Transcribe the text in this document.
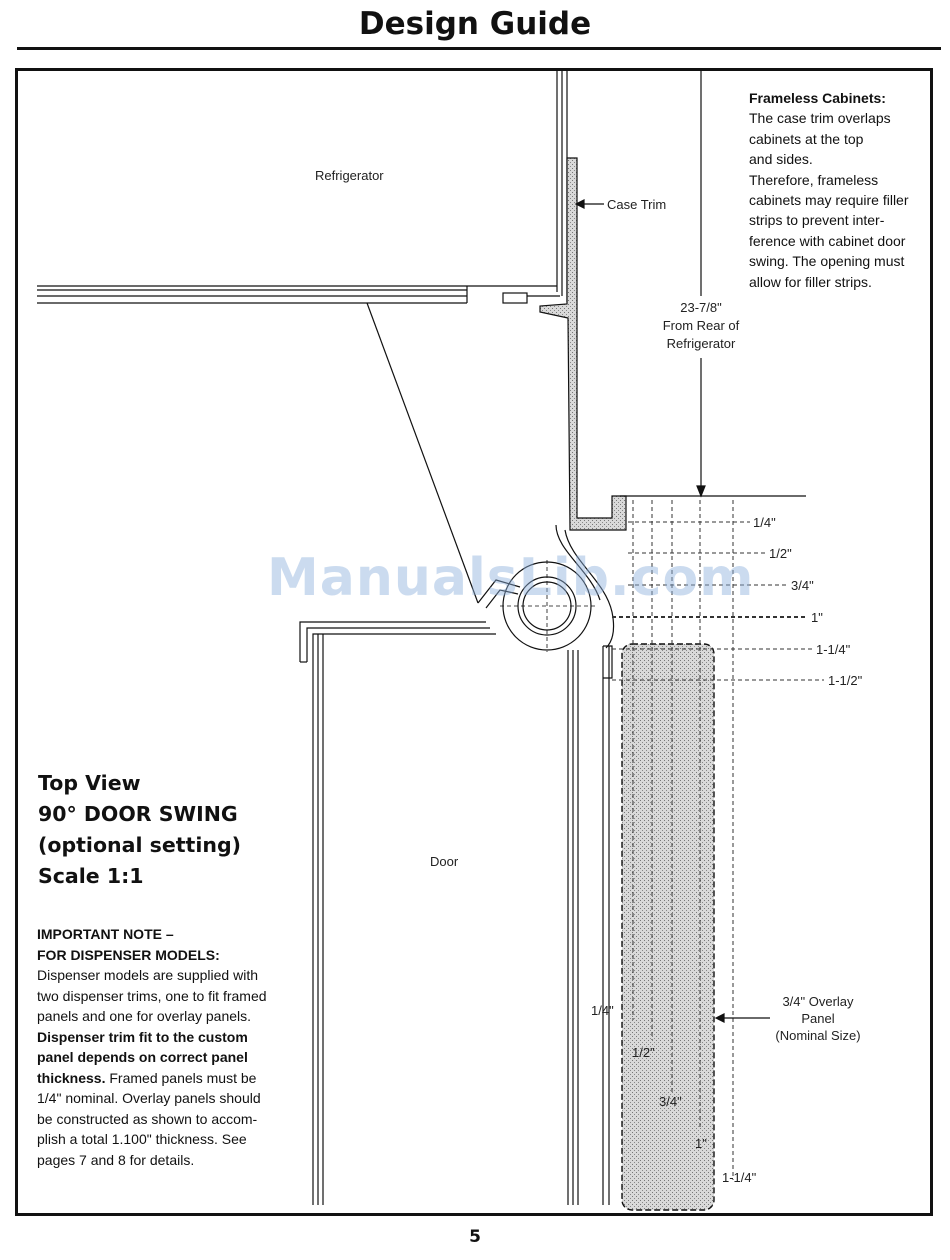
Design Guide
Refrigerator
Case Trim
Door
23-7/8"
From Rear of
Refrigerator
1/4"
1/2"
3/4"
1"
1-1/4"
1-1/2"
1/4"
1/2"
3/4"
1"
1-1/4"
3/4" Overlay
Panel
(Nominal Size)
Frameless Cabinets:
The case trim overlaps
cabinets at the top
and sides.
Therefore, frameless
cabinets may require filler
strips to prevent inter-
ference with cabinet door
swing. The opening must
allow for filler strips.
ManualsLib.com
Top View
90° DOOR SWING
(optional setting)
Scale 1:1
IMPORTANT NOTE –
FOR DISPENSER MODELS:
Dispenser models are supplied with
two dispenser trims, one to fit framed
panels and one for overlay panels.
Dispenser trim fit to the custom
panel depends on correct panel
thickness. Framed panels must be
1/4" nominal. Overlay panels should
be constructed as shown to accom-
plish a total 1.100" thickness. See
pages 7 and 8 for details.
5
